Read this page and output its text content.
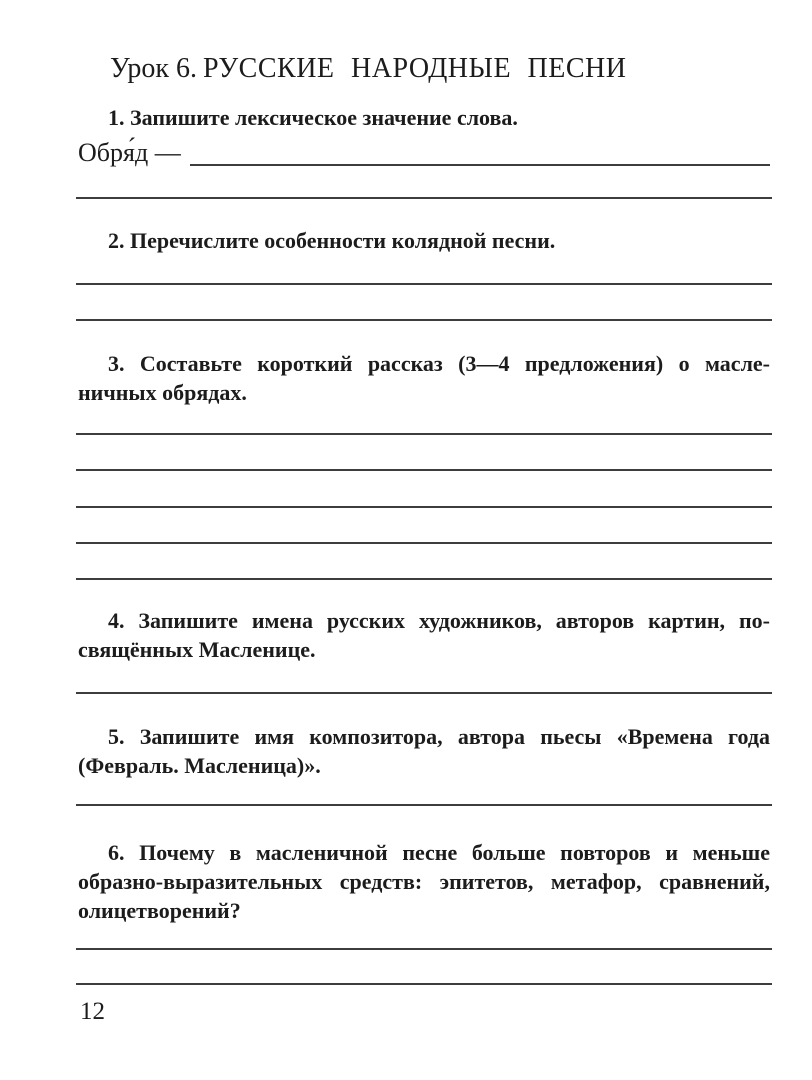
Урок 6. РУССКИЕ НАРОДНЫЕ ПЕСНИ
1. Запишите лексическое значение слова.
Обря́д —
2. Перечислите особенности колядной песни.
3. Составьте короткий рассказ (3—4 предложения) о масле-
ничных обрядах.
4. Запишите имена русских художников, авторов картин, по-
свящённых Масленице.
5. Запишите имя композитора, автора пьесы «Времена года
(Февраль. Масленица)».
6. Почему в масленичной песне больше повторов и меньше
образно-выразительных средств: эпитетов, метафор, сравнений,
олицетворений?
12
